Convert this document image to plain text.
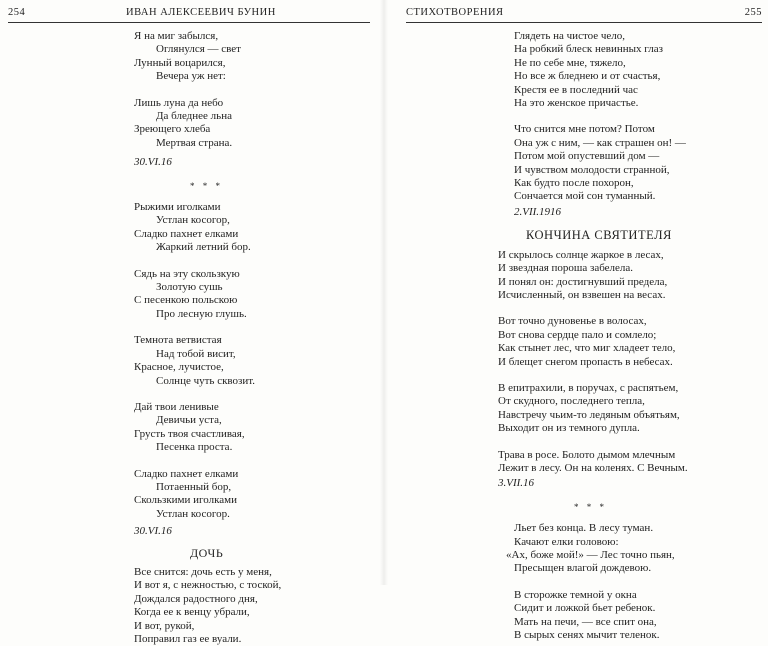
254	ИВАН АЛЕКСЕЕВИЧ БУНИН
Я на миг забылся,
Оглянулся — свет
Лунный воцарился,
Вечера уж нет:
Лишь луна да небо
Да бледнее льна
Зреющего хлеба
Мертвая страна.
30.VI.16
* * *
Рыжими иголками
Устлан косогор,
Сладко пахнет елками
Жаркий летний бор.
Сядь на эту скользкую
Золотую сушь
С песенкою польскою
Про лесную глушь.
Темнота ветвистая
Над тобой висит,
Красное, лучистое,
Солнце чуть сквозит.
Дай твои ленивые
Девичьи уста,
Грусть твоя счастливая,
Песенка проста.
Сладко пахнет елками
Потаенный бор,
Скользкими иголками
Устлан косогор.
30.VI.16
ДОЧЬ
Все снится: дочь есть у меня,
И вот я, с нежностью, с тоской,
Дождался радостного дня,
Когда ее к венцу убрали,
И вот, рукой,
Поправил газ ее вуали.
СТИХОТВОРЕНИЯ	255
Глядеть на чистое чело,
На робкий блеск невинных глаз
Не по себе мне, тяжело,
Но все ж бледнею и от счастья,
Крестя ее в последний час
На это женское причастье.
Что снится мне потом? Потом
Она уж с ним, — как страшен он! —
Потом мой опустевший дом —
И чувством молодости странной,
Как будто после похорон,
Сончается мой сон туманный.
2.VII.1916
КОНЧИНА СВЯТИТЕЛЯ
И скрылось солнце жаркое в лесах,
И звездная пороша забелела.
И понял он: достигнувший предела,
Исчисленный, он взвешен на весах.
Вот точно дуновенье в волосах,
Вот снова сердце пало и сомлело;
Как стынет лес, что миг хладеет тело,
И блещет снегом пропасть в небесах.
В епитрахили, в поручах, с распятьем,
От скудного, последнего тепла,
Навстречу чьим-то ледяным объятьям,
Выходит он из темного дупла.
Трава в росе. Болото дымом млечным
Лежит в лесу. Он на коленях. С Вечным.
3.VII.16
* * *
Льет без конца. В лесу туман.
Качают елки головою:
«Ах, боже мой!» — Лес точно пьян,
Пресыщен влагой дождевою.
В сторожке темной у окна
Сидит и ложкой бьет ребенок.
Мать на печи, — все спит она,
В сырых сенях мычит теленок.
